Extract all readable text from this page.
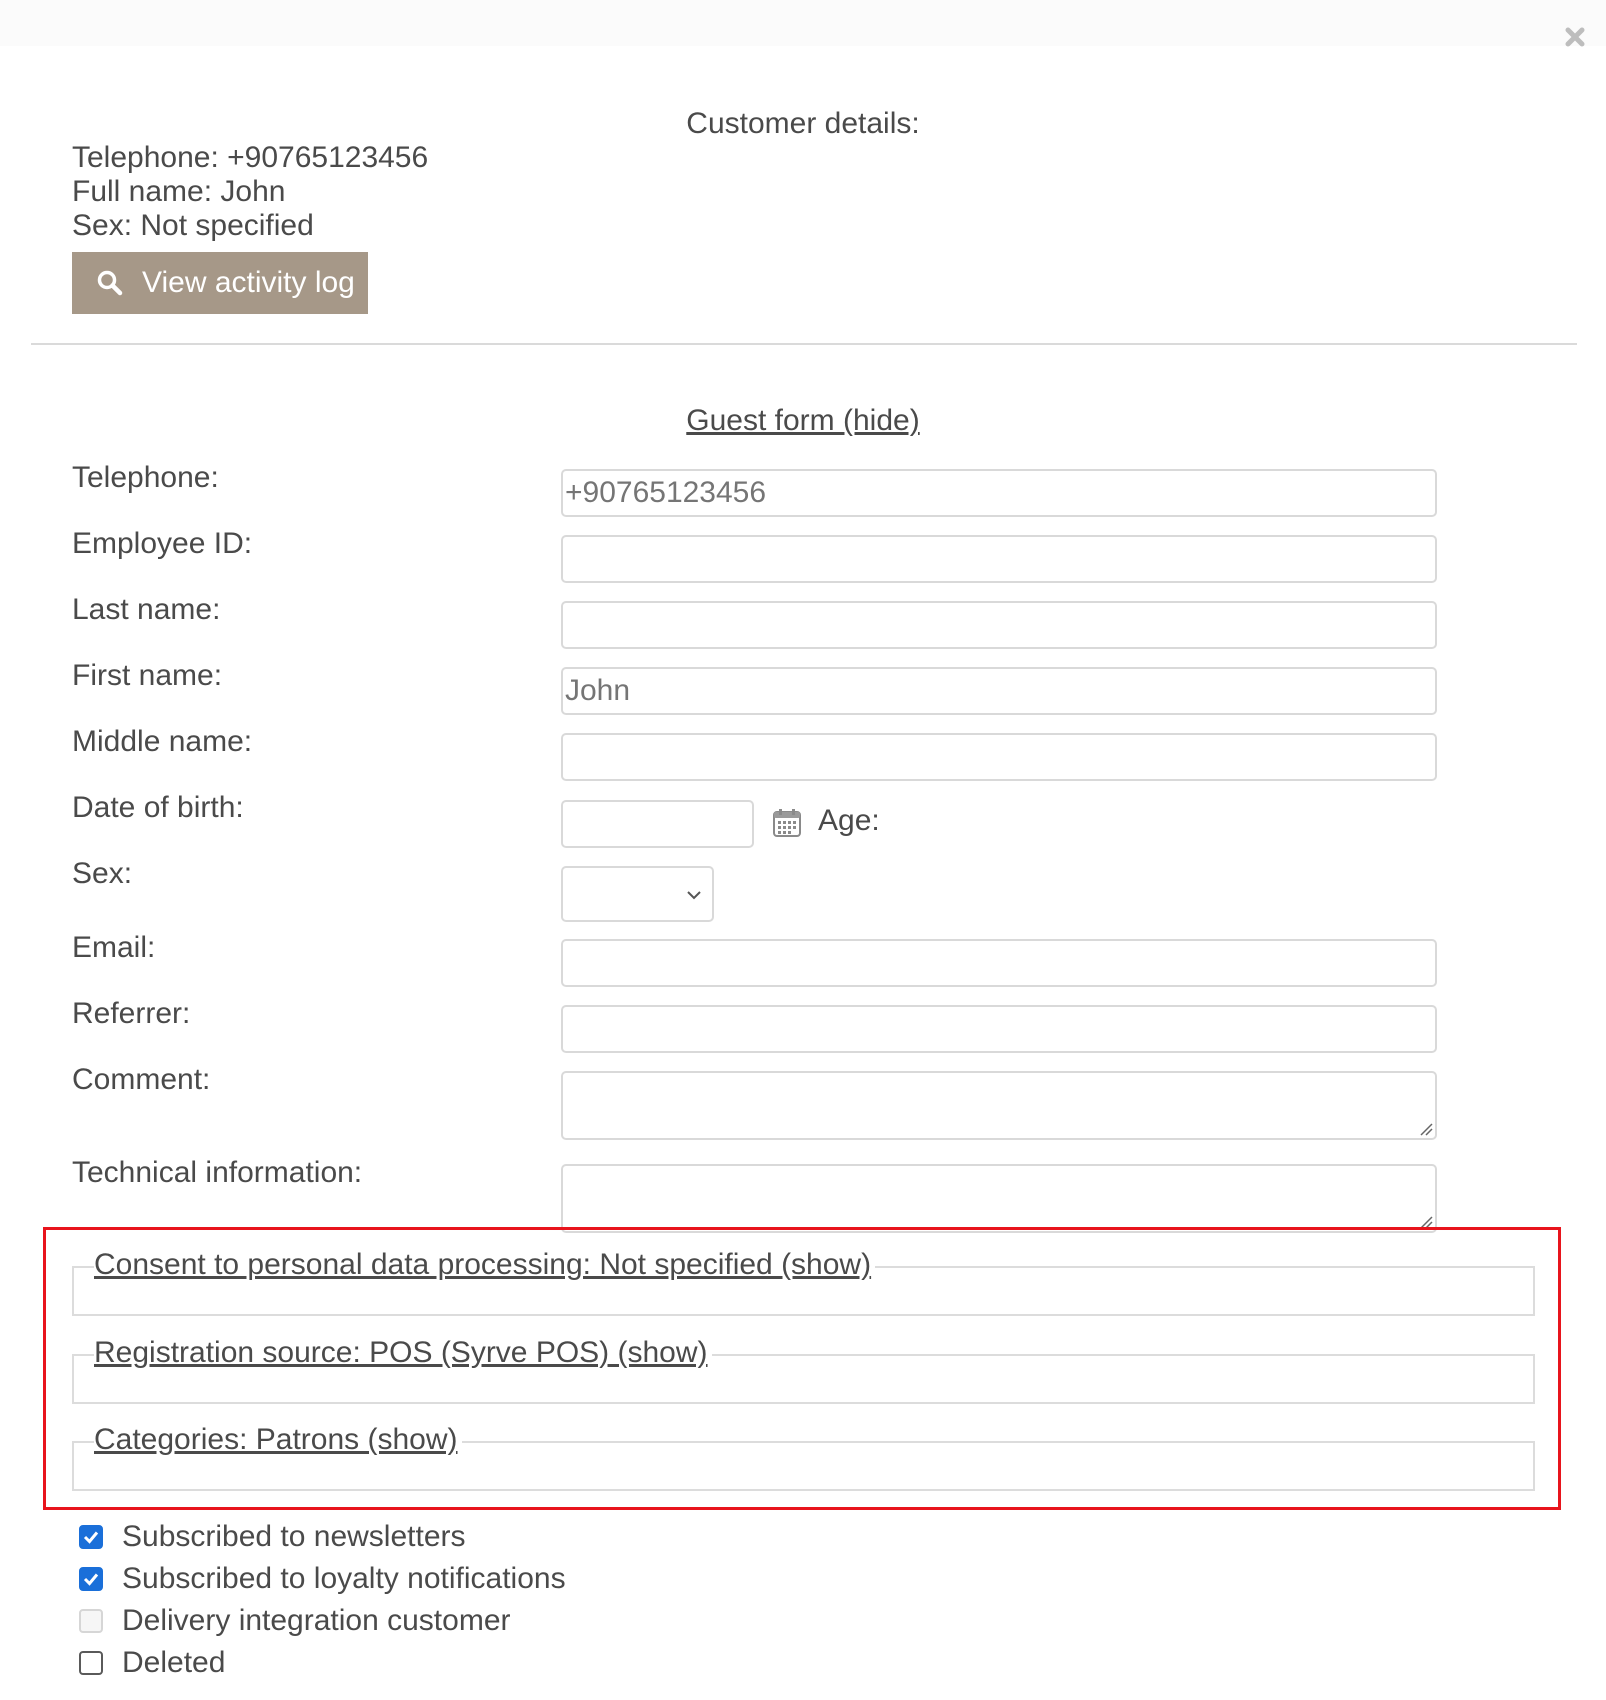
Customer details:
Telephone: +90765123456
Full name: John
Sex: Not specified
View activity log
Guest form (hide)
Telephone:	+90765123456
Employee ID:
Last name:
First name:	John
Middle name:
Date of birth:	Age:
Sex:
Email:
Referrer:
Comment:
Technical information:
Consent to personal data processing: Not specified (show)
Registration source: POS (Syrve POS) (show)
Categories: Patrons (show)
Subscribed to newsletters
Subscribed to loyalty notifications
Delivery integration customer
Deleted
